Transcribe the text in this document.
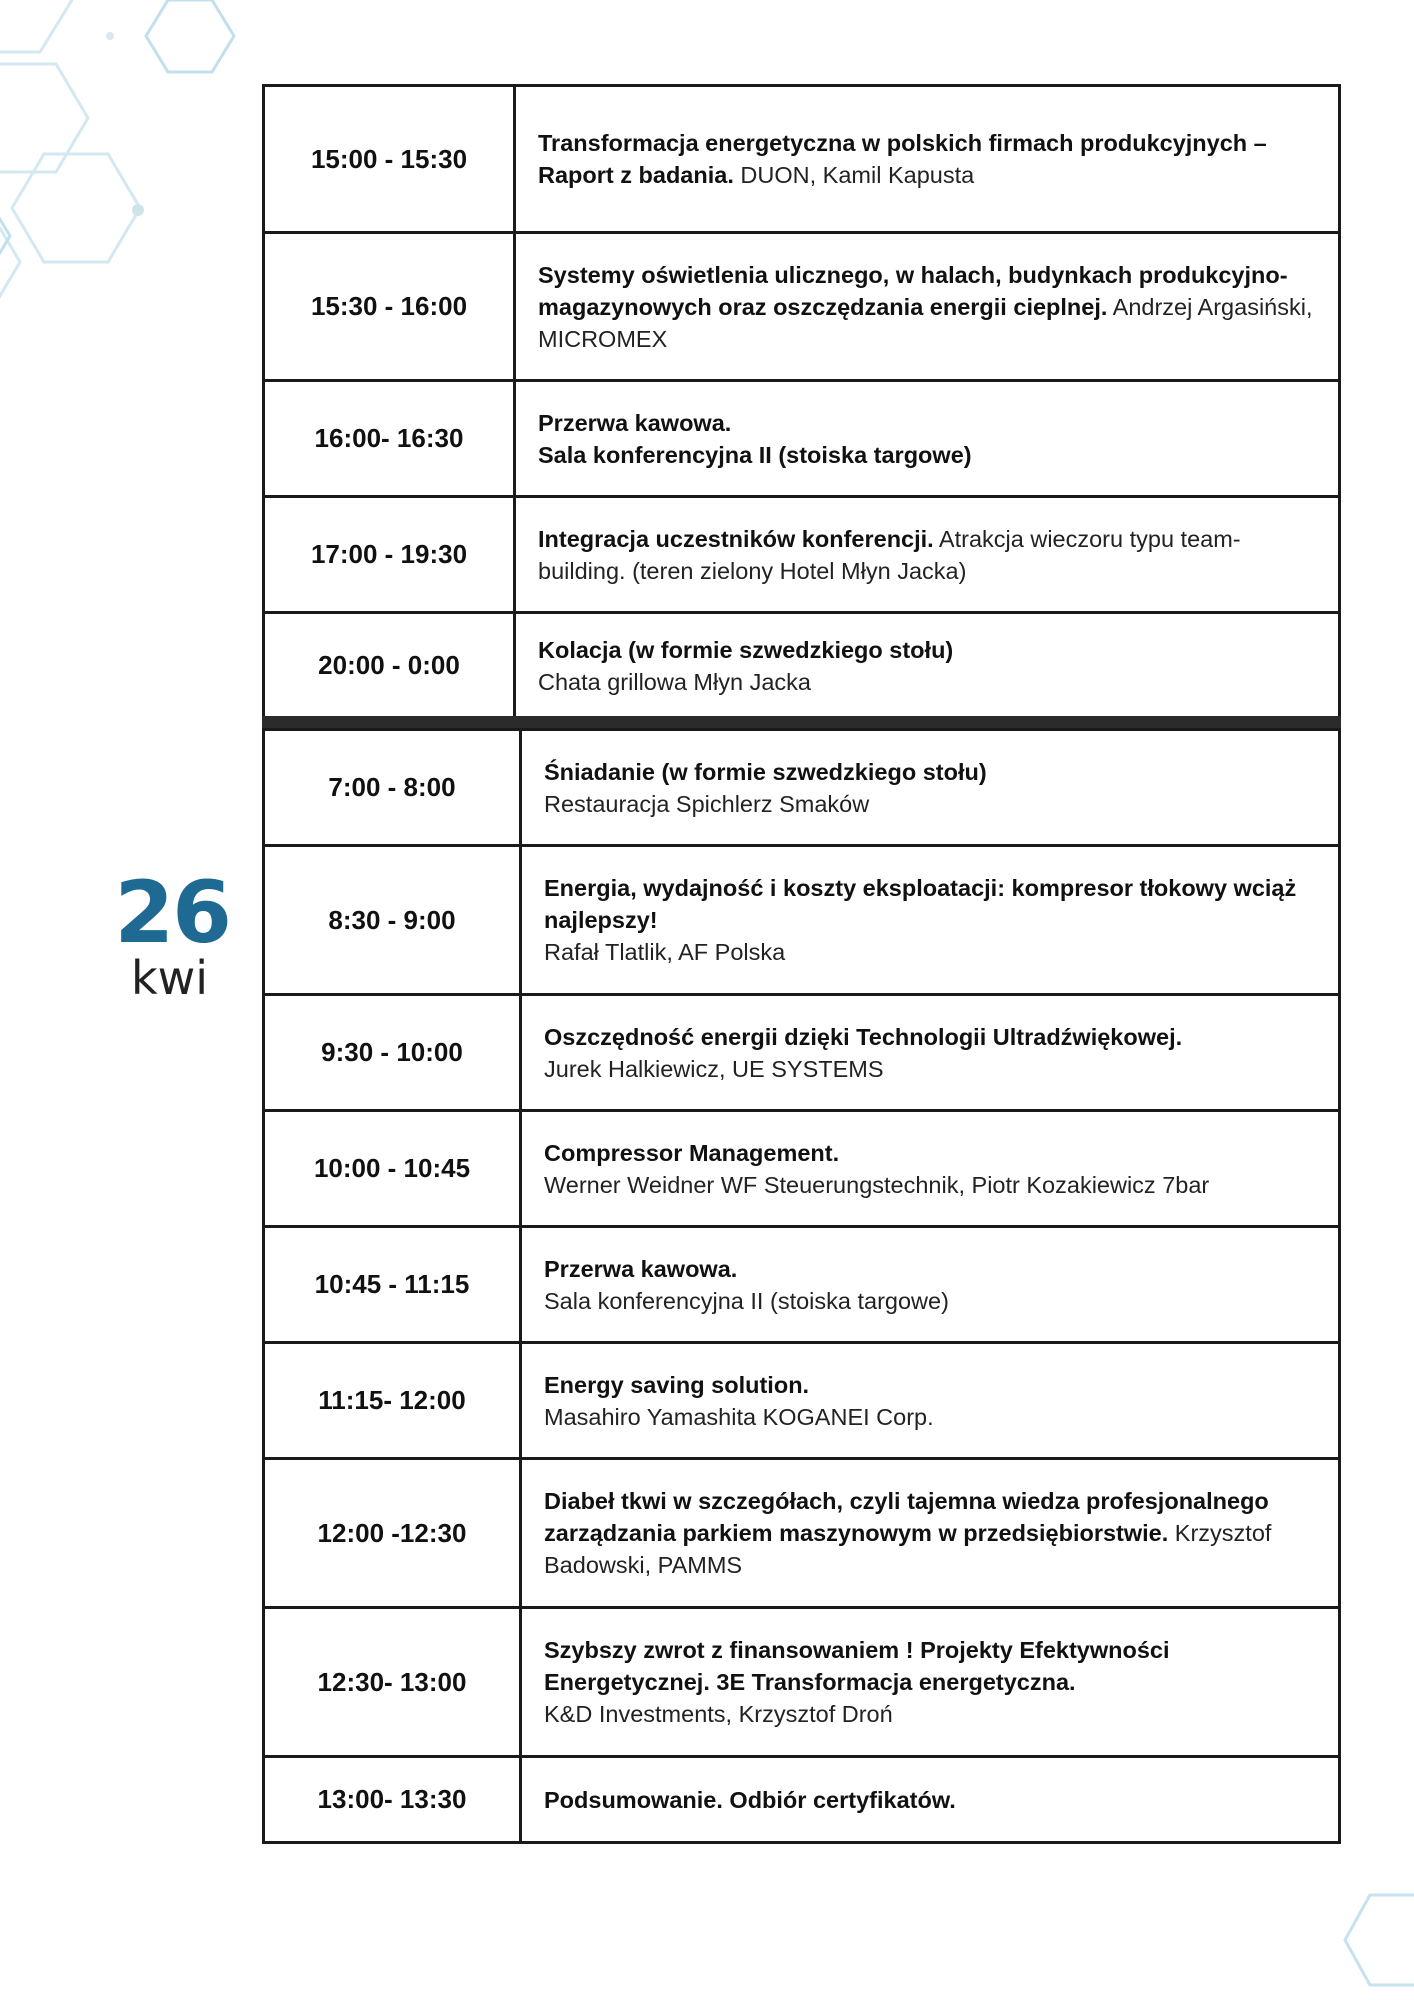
26
kwi
15:00 - 15:30
Transformacja energetyczna w polskich firmach produkcyjnych – Raport z badania. DUON, Kamil Kapusta
15:30 - 16:00
Systemy oświetlenia ulicznego, w halach, budynkach produkcyjno-magazynowych oraz oszczędzania energii cieplnej. Andrzej Argasiński, MICROMEX
16:00- 16:30
Przerwa kawowa.
Sala konferencyjna II (stoiska targowe)
17:00 - 19:30
Integracja uczestników konferencji. Atrakcja wieczoru typu team- building. (teren zielony Hotel Młyn Jacka)
20:00 - 0:00
Kolacja (w formie szwedzkiego stołu)
Chata grillowa Młyn Jacka
7:00 - 8:00
Śniadanie (w formie szwedzkiego stołu)
Restauracja Spichlerz Smaków
8:30 - 9:00
Energia, wydajność i koszty eksploatacji: kompresor tłokowy wciąż najlepszy!
Rafał Tlatlik, AF Polska
9:30 - 10:00
Oszczędność energii dzięki Technologii Ultradźwiękowej.
Jurek Halkiewicz, UE SYSTEMS
10:00 - 10:45
Compressor Management.
Werner Weidner WF Steuerungstechnik, Piotr Kozakiewicz 7bar
10:45 - 11:15
Przerwa kawowa.
Sala konferencyjna II (stoiska targowe)
11:15- 12:00
Energy saving solution.
Masahiro Yamashita KOGANEI Corp.
12:00 -12:30
Diabeł tkwi w szczegółach, czyli tajemna wiedza profesjonalnego zarządzania parkiem maszynowym w przedsiębiorstwie. Krzysztof Badowski, PAMMS
12:30- 13:00
Szybszy zwrot z finansowaniem ! Projekty Efektywności Energetycznej. 3E Transformacja energetyczna.
K&D Investments, Krzysztof Droń
13:00- 13:30	Podsumowanie. Odbiór certyfikatów.
